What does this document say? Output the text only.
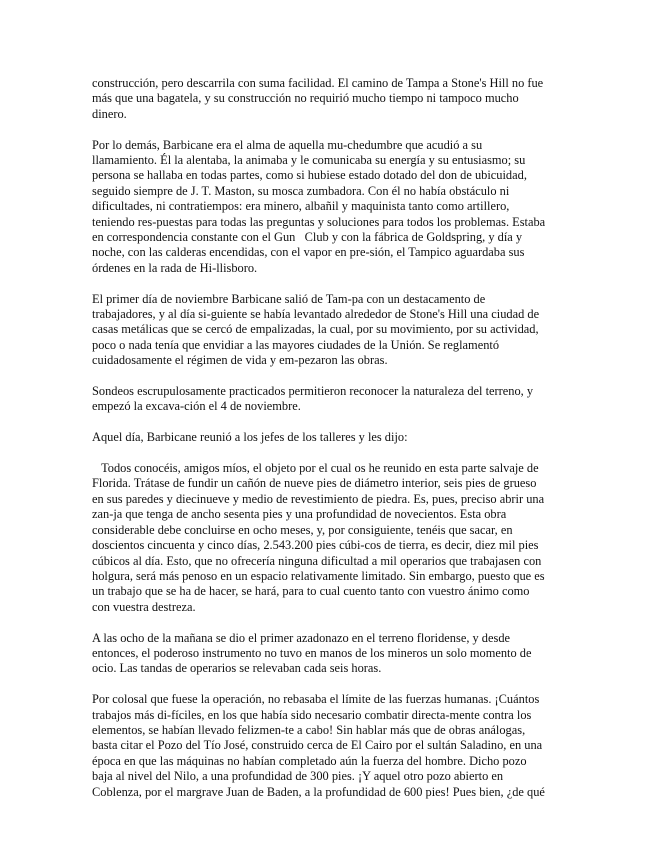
construcción, pero descarrila con suma facilidad. El camino de Tampa a Stone's Hill no fue
más que una bagatela, y su construcción no requirió mucho tiempo ni tampoco mucho
dinero.
Por lo demás, Barbicane era el alma de aquella mu-chedumbre que acudió a su
llamamiento. Él la alentaba, la animaba y le comunicaba su energía y su entusiasmo; su
persona se hallaba en todas partes, como si hubiese estado dotado del don de ubicuidad,
seguido siempre de J. T. Maston, su mosca zumbadora. Con él no había obstáculo ni
dificultades, ni contratiempos: era minero, albañil y maquinista tanto como artillero,
teniendo res-puestas para todas las preguntas y soluciones para todos los problemas. Estaba
en correspondencia constante con el Gun   Club y con la fábrica de Goldspring, y día y
noche, con las calderas encendidas, con el vapor en pre-sión, el Tampico aguardaba sus
órdenes en la rada de Hi-llisboro.
El primer día de noviembre Barbicane salió de Tam-pa con un destacamento de
trabajadores, y al día si-guiente se había levantado alrededor de Stone's Hill una ciudad de
casas metálicas que se cercó de empalizadas, la cual, por su movimiento, por su actividad,
poco o nada tenía que envidiar a las mayores ciudades de la Unión. Se reglamentó
cuidadosamente el régimen de vida y em-pezaron las obras.
Sondeos escrupulosamente practicados permitieron reconocer la naturaleza del terreno, y
empezó la excava-ción el 4 de noviembre.
Aquel día, Barbicane reunió a los jefes de los talleres y les dijo:
Todos conocéis, amigos míos, el objeto por el cual os he reunido en esta parte salvaje de
Florida. Trátase de fundir un cañón de nueve pies de diámetro interior, seis pies de grueso
en sus paredes y diecinueve y medio de revestimiento de piedra. Es, pues, preciso abrir una
zan-ja que tenga de ancho sesenta pies y una profundidad de novecientos. Esta obra
considerable debe concluirse en ocho meses, y, por consiguiente, tenéis que sacar, en
doscientos cincuenta y cinco días, 2.543.200 pies cúbi-cos de tierra, es decir, diez mil pies
cúbicos al día. Esto, que no ofrecería ninguna dificultad a mil operarios que trabajasen con
holgura, será más penoso en un espacio relativamente limitado. Sin embargo, puesto que es
un trabajo que se ha de hacer, se hará, para to cual cuento tanto con vuestro ánimo como
con vuestra destreza.
A las ocho de la mañana se dio el primer azadonazo en el terreno floridense, y desde
entonces, el poderoso instrumento no tuvo en manos de los mineros un solo momento de
ocio. Las tandas de operarios se relevaban cada seis horas.
Por colosal que fuese la operación, no rebasaba el límite de las fuerzas humanas. ¡Cuántos
trabajos más di-fíciles, en los que había sido necesario combatir directa-mente contra los
elementos, se habían llevado felizmen-te a cabo! Sin hablar más que de obras análogas,
basta citar el Pozo del Tío José, construido cerca de El Cairo por el sultán Saladino, en una
época en que las máquinas no habían completado aún la fuerza del hombre. Dicho pozo
baja al nivel del Nilo, a una profundidad de 300 pies. ¡Y aquel otro pozo abierto en
Coblenza, por el margrave Juan de Baden, a la profundidad de 600 pies! Pues bien, ¿de qué
